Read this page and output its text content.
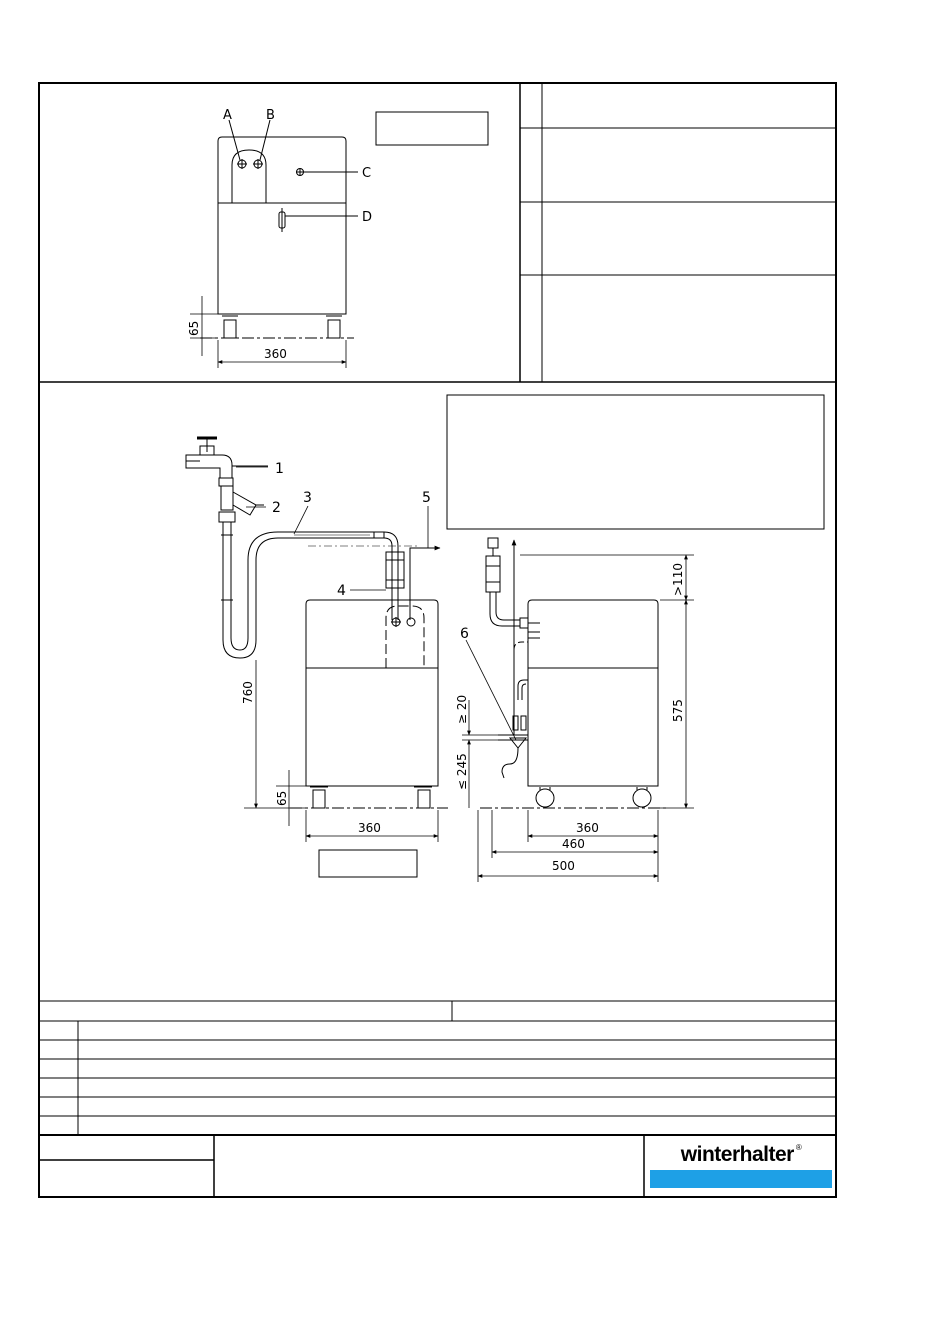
A	B
C
D
65
360
1
2
3
4
5
6
760
65
360
>110
575
≥ 20
≤ 245
360
460
500
winterhalter ®
